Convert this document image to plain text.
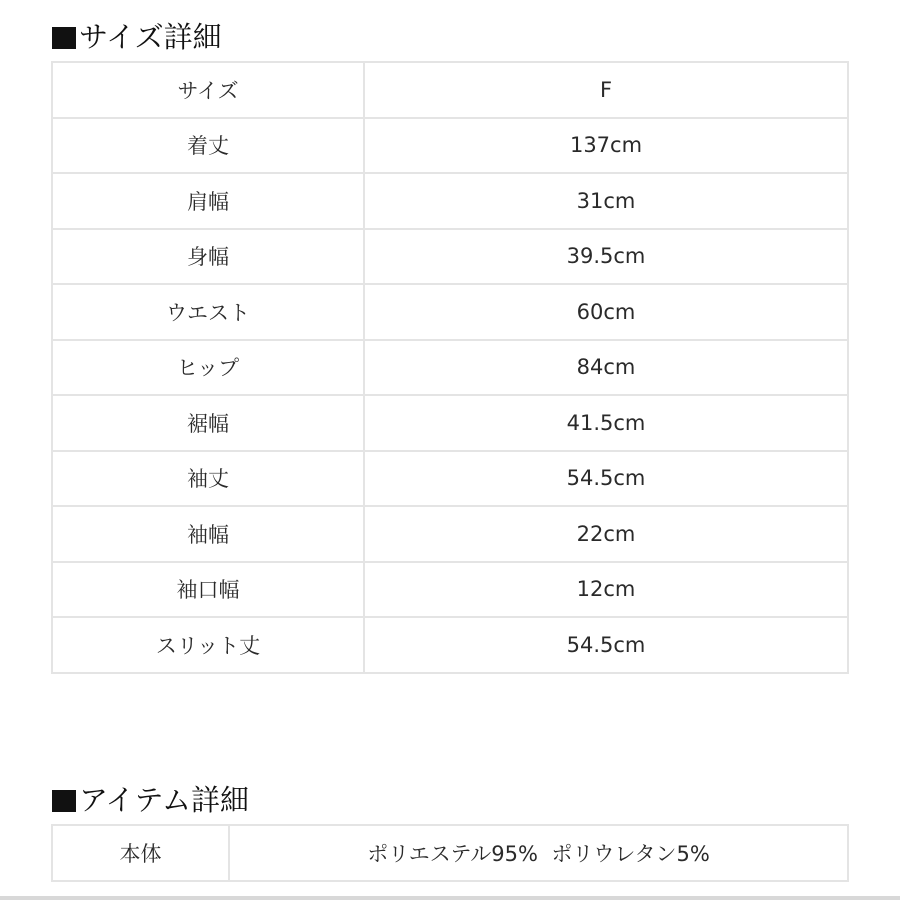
サイズ詳細
サイズ	F
着丈	137cm
肩幅	31cm
身幅	39.5cm
ウエスト	60cm
ヒップ	84cm
裾幅	41.5cm
袖丈	54.5cm
袖幅	22cm
袖口幅	12cm
スリット丈	54.5cm
アイテム詳細
本体	ポリエステル95%  ポリウレタン5%
